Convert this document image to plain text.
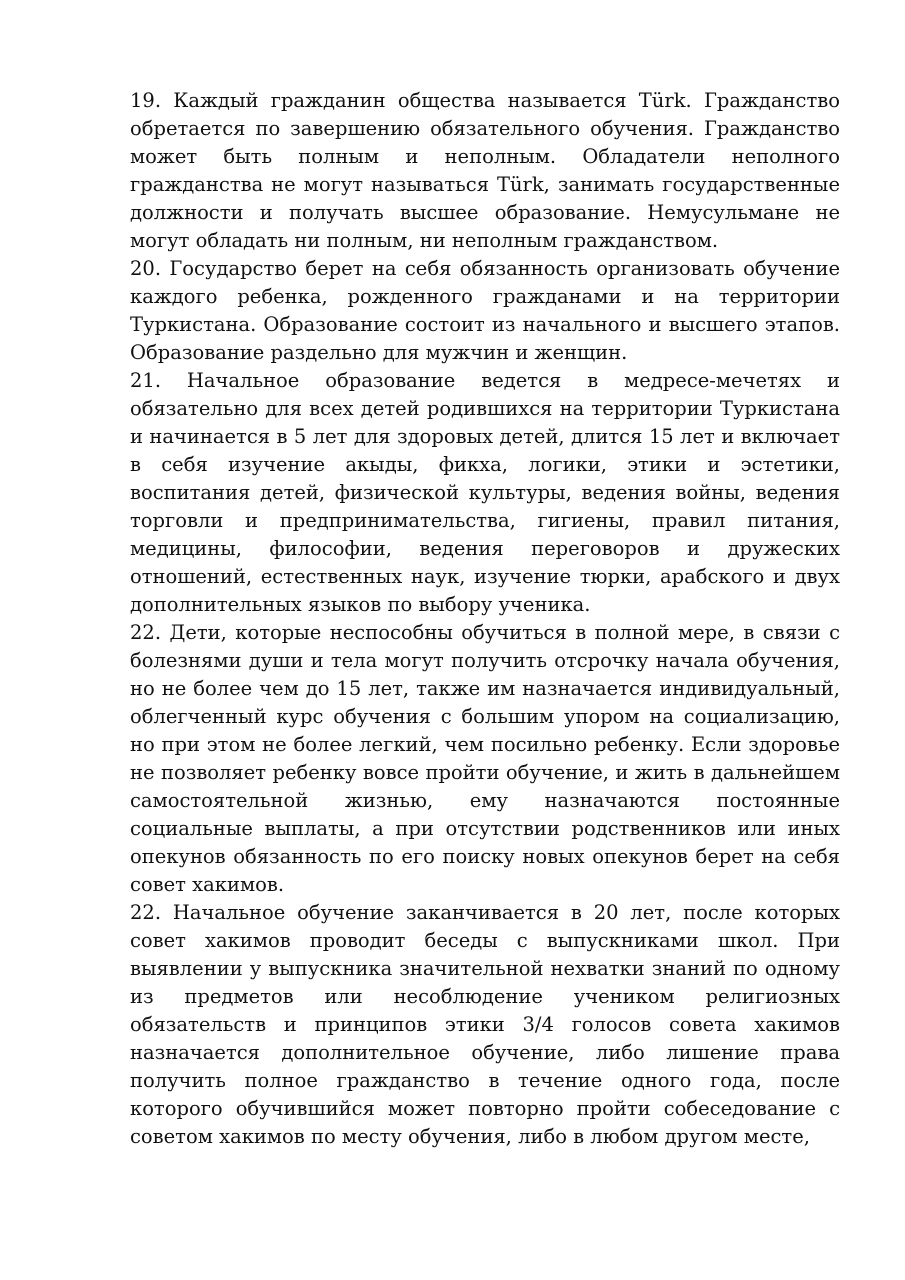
19. Каждый гражданин общества называется Türk. Гражданство обретается по завершению обязательного обучения. Гражданство может быть полным и неполным. Обладатели неполного гражданства не могут называться Türk, занимать государственные должности и получать высшее образование. Немусульмане не могут обладать ни полным, ни неполным гражданством.

20. Государство берет на себя обязанность организовать обучение каждого ребенка, рожденного гражданами и на территории Туркистана. Образование состоит из начального и высшего этапов. Образование раздельно для мужчин и женщин.

21. Начальное образование ведется в медресе-мечетях и обязательно для всех детей родившихся на территории Туркистана и начинается в 5 лет для здоровых детей, длится 15 лет и включает в себя изучение акыды, фикха, логики, этики и эстетики, воспитания детей, физической культуры, ведения войны, ведения торговли и предпринимательства, гигиены, правил питания, медицины, философии, ведения переговоров и дружеских отношений, естественных наук, изучение тюрки, арабского и двух дополнительных языков по выбору ученика.

22. Дети, которые неспособны обучиться в полной мере, в связи с болезнями души и тела могут получить отсрочку начала обучения, но не более чем до 15 лет, также им назначается индивидуальный, облегченный курс обучения с большим упором на социализацию, но при этом не более легкий, чем посильно ребенку. Если здоровье не позволяет ребенку вовсе пройти обучение, и жить в дальнейшем самостоятельной жизнью, ему назначаются постоянные социальные выплаты, а при отсутствии родственников или иных опекунов обязанность по его поиску новых опекунов берет на себя совет хакимов.

22. Начальное обучение заканчивается в 20 лет, после которых совет хакимов проводит беседы с выпускниками школ. При выявлении у выпускника значительной нехватки знаний по одному из предметов или несоблюдение учеником религиозных обязательств и принципов этики 3/4 голосов совета хакимов назначается дополнительное обучение, либо лишение права получить полное гражданство в течение одного года, после которого обучившийся может повторно пройти собеседование с советом хакимов по месту обучения, либо в любом другом месте,
